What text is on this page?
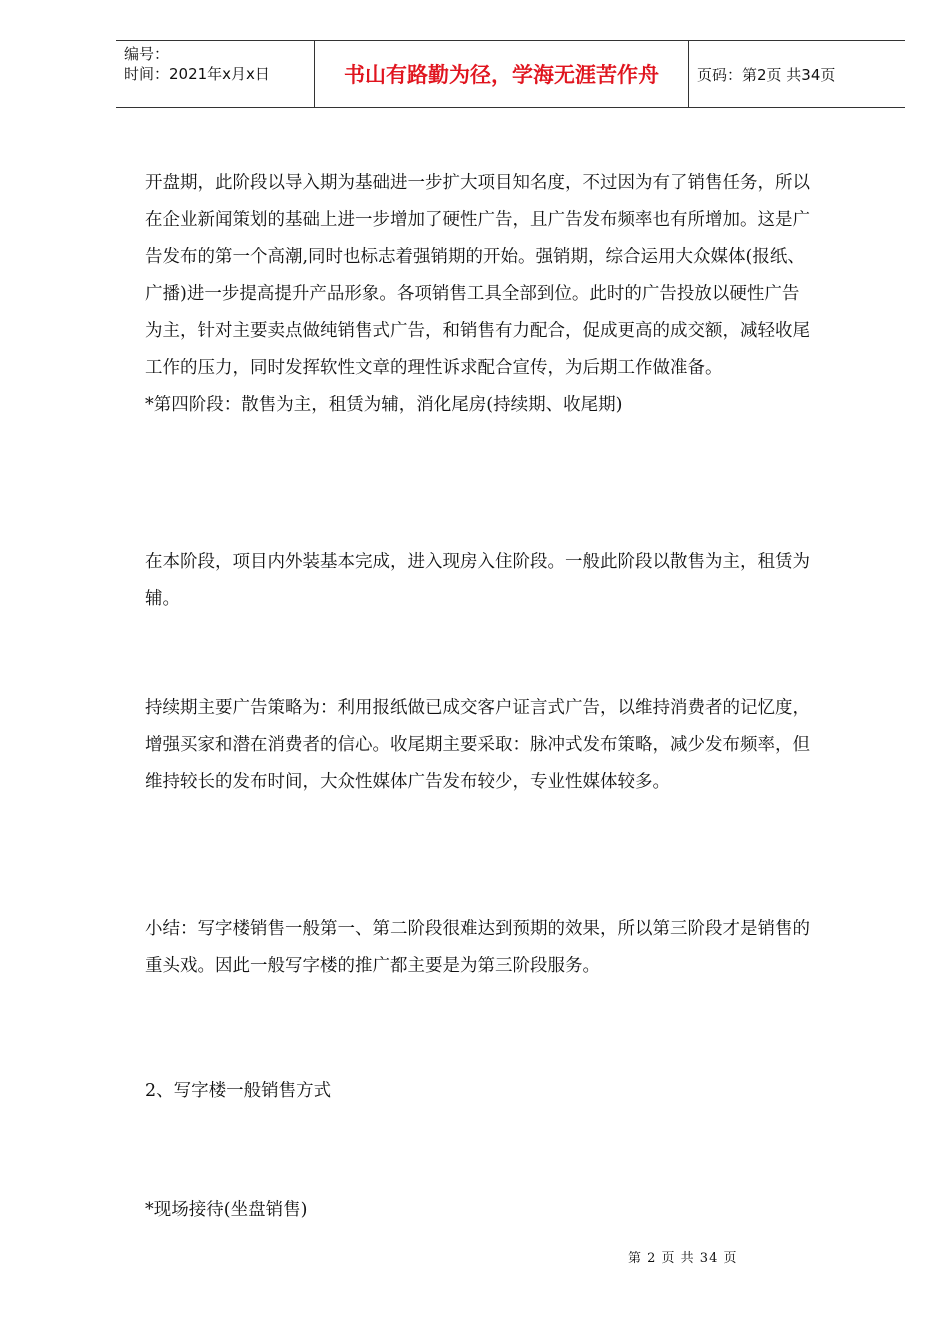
编号：
时间：2021年x月x日	书山有路勤为径，学海无涯苦作舟	页码：第2页 共34页
开盘期，此阶段以导入期为基础进一步扩大项目知名度，不过因为有了销售任务，所以
在企业新闻策划的基础上进一步增加了硬性广告，且广告发布频率也有所增加。这是广
告发布的第一个高潮,同时也标志着强销期的开始。强销期，综合运用大众媒体(报纸、
广播)进一步提高提升产品形象。各项销售工具全部到位。此时的广告投放以硬性广告
为主，针对主要卖点做纯销售式广告，和销售有力配合，促成更高的成交额，减轻收尾
工作的压力，同时发挥软性文章的理性诉求配合宣传，为后期工作做准备。
*第四阶段：散售为主，租赁为辅，消化尾房(持续期、收尾期)
在本阶段，项目内外装基本完成，进入现房入住阶段。一般此阶段以散售为主，租赁为
辅。
持续期主要广告策略为：利用报纸做已成交客户证言式广告，以维持消费者的记忆度，
增强买家和潜在消费者的信心。收尾期主要采取：脉冲式发布策略，减少发布频率，但
维持较长的发布时间，大众性媒体广告发布较少，专业性媒体较多。
小结：写字楼销售一般第一、第二阶段很难达到预期的效果，所以第三阶段才是销售的
重头戏。因此一般写字楼的推广都主要是为第三阶段服务。
2、写字楼一般销售方式
*现场接待(坐盘销售)
第 2 页 共 34 页
